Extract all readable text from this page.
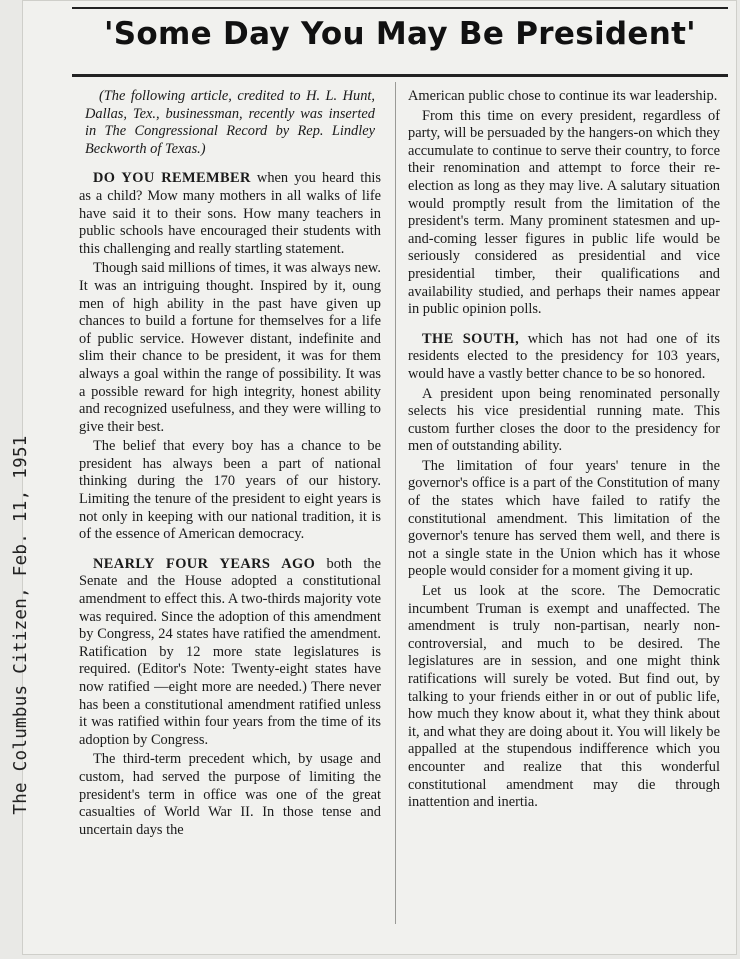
'Some Day You May Be President'
The Columbus Citizen, Feb. 11, 1951

(The following article, credited to H. L. Hunt, Dallas, Tex., businessman, recently was inserted in The Congressional Record by Rep. Lindley Beckworth of Texas.)

DO YOU REMEMBER when you heard this as a child? Mow many mothers in all walks of life have said it to their sons. How many teachers in public schools have encouraged their students with this challenging and really startling statement.

Though said millions of times, it was always new. It was an intriguing thought. Inspired by it, oung men of high ability in the past have given up chances to build a fortune for themselves for a life of public service. However distant, indefinite and slim their chance to be president, it was for them always a goal within the range of possibility. It was a possible reward for high integrity, honest ability and recognized usefulness, and they were willing to give their best.

The belief that every boy has a chance to be president has always been a part of national thinking during the 170 years of our history. Limiting the tenure of the president to eight years is not only in keeping with our national tradition, it is of the essence of American democracy.

NEARLY FOUR YEARS AGO both the Senate and the House adopted a constitutional amendment to effect this. A two-thirds majority vote was required. Since the adoption of this amendment by Congress, 24 states have ratified the amendment. Ratification by 12 more state legislatures is required. (Editor's Note: Twenty-eight states have now ratified —eight more are needed.) There never has been a constitutional amendment ratified unless it was ratified within four years from the time of its adoption by Congress.

The third-term precedent which, by usage and custom, had served the purpose of limiting the president's term in office was one of the great casualties of World War II. In those tense and uncertain days the

American public chose to continue its war leadership.

From this time on every president, regardless of party, will be persuaded by the hangers-on which they accumulate to continue to serve their country, to force their renomination and attempt to force their re-election as long as they may live. A salutary situation would promptly result from the limitation of the president's term. Many prominent statesmen and up-and-coming lesser figures in public life would be seriously considered as presidential and vice presidential timber, their qualifications and availability studied, and perhaps their names appear in public opinion polls.

THE SOUTH, which has not had one of its residents elected to the presidency for 103 years, would have a vastly better chance to be so honored.

A president upon being renominated personally selects his vice presidential running mate. This custom further closes the door to the presidency for men of outstanding ability.

The limitation of four years' tenure in the governor's office is a part of the Constitution of many of the states which have failed to ratify the constitutional amendment. This limitation of the governor's tenure has served them well, and there is not a single state in the Union which has it whose people would consider for a moment giving it up.

Let us look at the score. The Democratic incumbent Truman is exempt and unaffected. The amendment is truly non-partisan, nearly non-controversial, and much to be desired. The legislatures are in session, and one might think ratifications will surely be voted. But find out, by talking to your friends either in or out of public life, how much they know about it, what they think about it, and what they are doing about it. You will likely be appalled at the stupendous indifference which you encounter and realize that this wonderful constitutional amendment may die through inattention and inertia.
